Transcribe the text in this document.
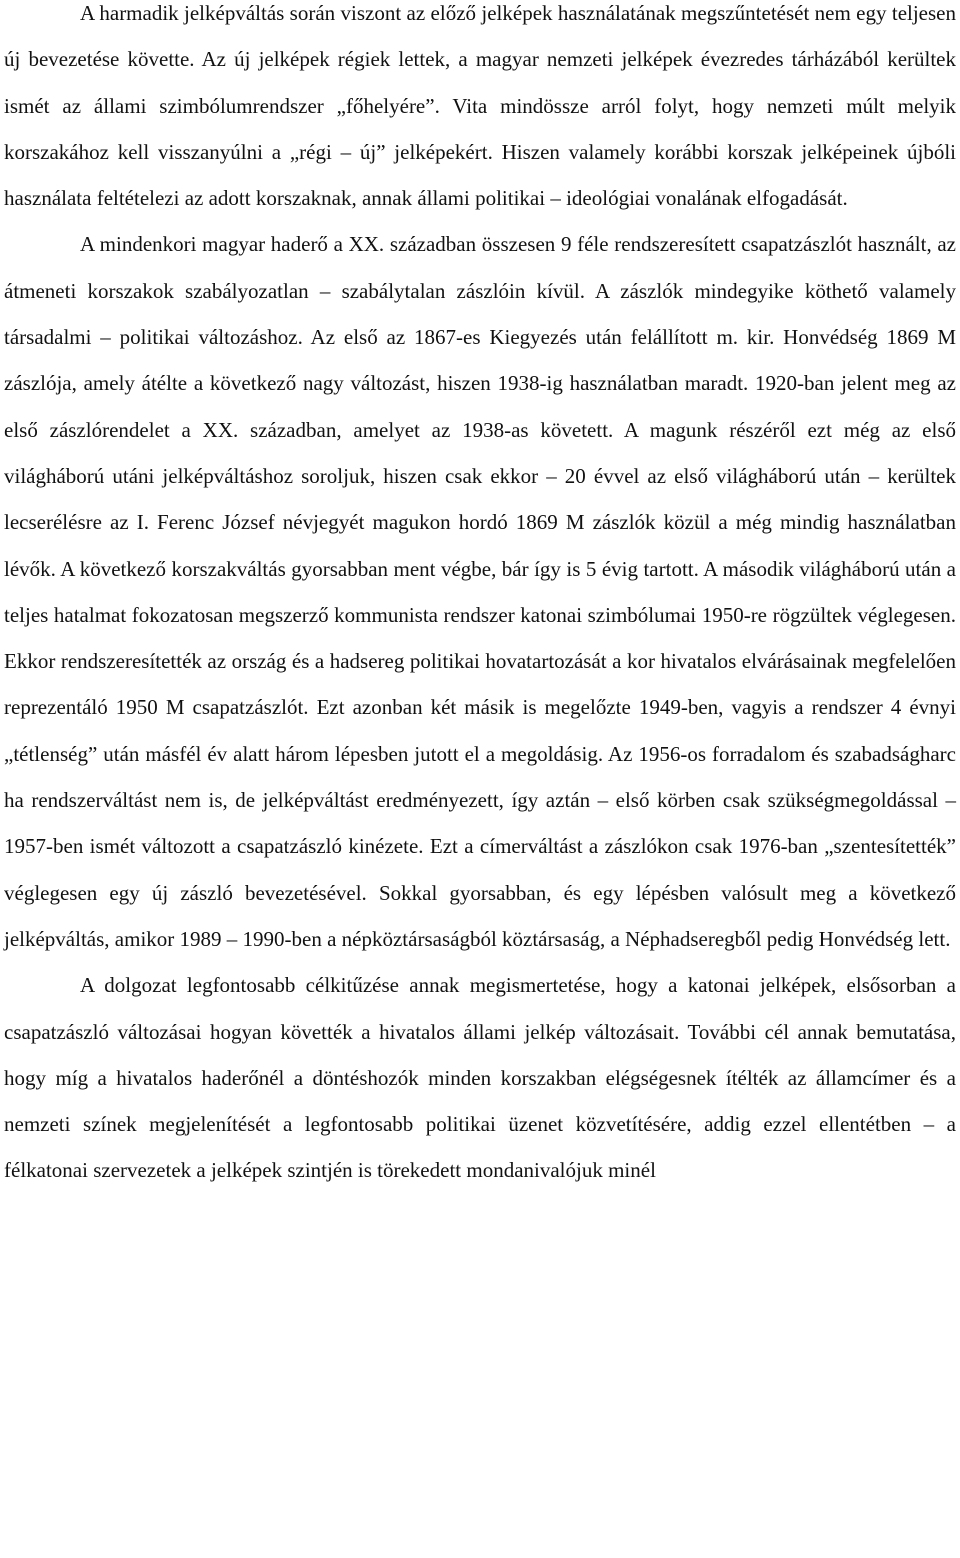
A harmadik jelképváltás során viszont az előző jelképek használatának megszűntetését nem egy teljesen új bevezetése követte. Az új jelképek régiek lettek, a magyar nemzeti jelképek évezredes tárházából kerültek ismét az állami szimbólumrendszer „főhelyére”. Vita mindössze arról folyt, hogy nemzeti múlt melyik korszakához kell visszanyúlni a „régi – új” jelképekért. Hiszen valamely korábbi korszak jelképeinek újbóli használata feltételezi az adott korszaknak, annak állami politikai – ideológiai vonalának elfogadását.

A mindenkori magyar haderő a XX. században összesen 9 féle rendszeresített csapatzászlót használt, az átmeneti korszakok szabályozatlan – szabálytalan zászlóin kívül. A zászlók mindegyike köthető valamely társadalmi – politikai változáshoz. Az első az 1867-es Kiegyezés után felállított m. kir. Honvédség 1869 M zászlója, amely átélte a következő nagy változást, hiszen 1938-ig használatban maradt. 1920-ban jelent meg az első zászlórendelet a XX. században, amelyet az 1938-as követett. A magunk részéről ezt még az első világháború utáni jelképváltáshoz soroljuk, hiszen csak ekkor – 20 évvel az első világháború után – kerültek lecserélésre az I. Ferenc József névjegyét magukon hordó 1869 M zászlók közül a még mindig használatban lévők. A következő korszakváltás gyorsabban ment végbe, bár így is 5 évig tartott. A második világháború után a teljes hatalmat fokozatosan megszerző kommunista rendszer katonai szimbólumai 1950-re rögzültek véglegesen. Ekkor rendszeresítették az ország és a hadsereg politikai hovatartozását a kor hivatalos elvárásainak megfelelően reprezentáló 1950 M csapatzászlót. Ezt azonban két másik is megelőzte 1949-ben, vagyis a rendszer 4 évnyi „tétlenség” után másfél év alatt három lépesben jutott el a megoldásig. Az 1956-os forradalom és szabadságharc ha rendszerváltást nem is, de jelképváltást eredményezett, így aztán – első körben csak szükségmegoldással – 1957-ben ismét változott a csapatzászló kinézete. Ezt a címerváltást a zászlókon csak 1976-ban „szentesítették” véglegesen egy új zászló bevezetésével. Sokkal gyorsabban, és egy lépésben valósult meg a következő jelképváltás, amikor 1989 – 1990-ben a népköztársaságból köztársaság, a Néphadseregből pedig Honvédség lett.

A dolgozat legfontosabb célkitűzése annak megismertetése, hogy a katonai jelképek, elsősorban a csapatzászló változásai hogyan követték a hivatalos állami jelkép változásait. További cél annak bemutatása, hogy míg a hivatalos haderőnél a döntéshozók minden korszakban elégségesnek ítélték az államcímer és a nemzeti színek megjelenítését a legfontosabb politikai üzenet közvetítésére, addig ezzel ellentétben – a félkatonai szervezetek a jelképek szintjén is törekedett mondanivalójuk minél
